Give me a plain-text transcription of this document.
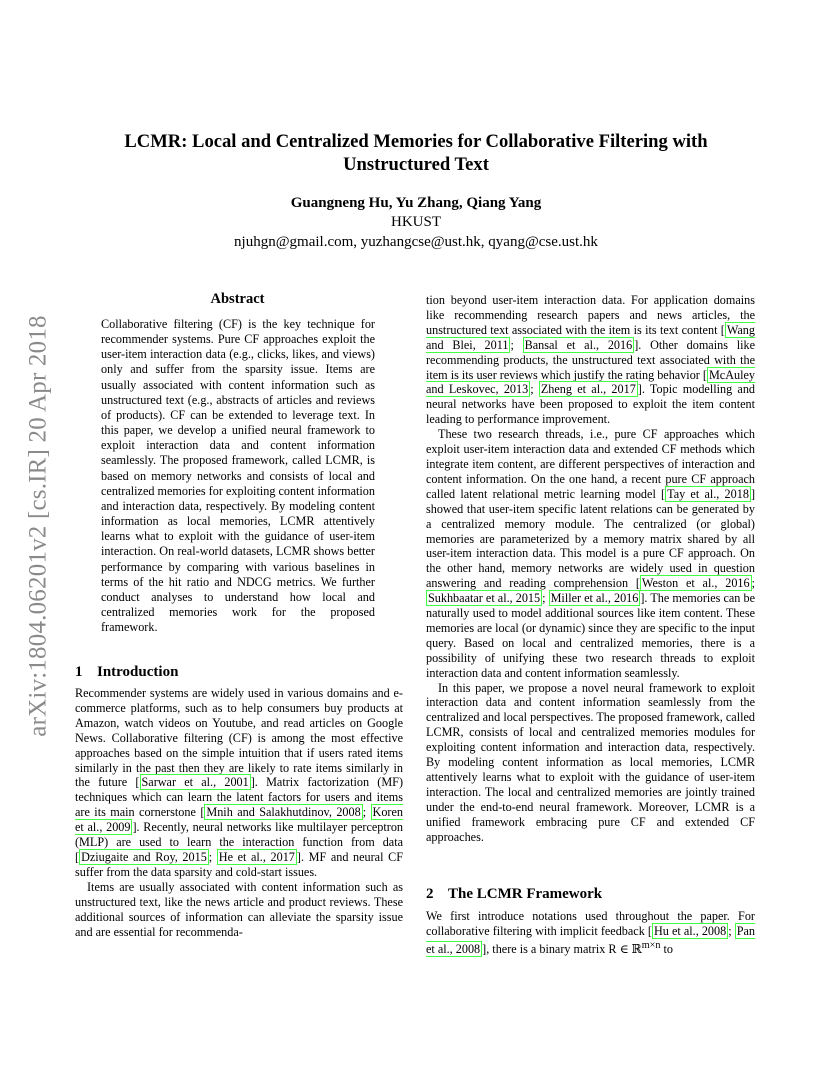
arXiv:1804.06201v2 [cs.IR] 20 Apr 2018
LCMR: Local and Centralized Memories for Collaborative Filtering with
Unstructured Text
Guangneng Hu, Yu Zhang, Qiang Yang
HKUST
njuhgn@gmail.com, yuzhangcse@ust.hk, qyang@cse.ust.hk
Abstract
Collaborative filtering (CF) is the key technique for recommender systems. Pure CF approaches exploit the user-item interaction data (e.g., clicks, likes, and views) only and suffer from the sparsity issue. Items are usually associated with content information such as unstructured text (e.g., abstracts of articles and reviews of products). CF can be extended to leverage text. In this paper, we develop a unified neural framework to exploit interaction data and content information seamlessly. The proposed framework, called LCMR, is based on memory networks and consists of local and centralized memories for exploiting content information and interaction data, respectively. By modeling content information as local memories, LCMR attentively learns what to exploit with the guidance of user-item interaction. On real-world datasets, LCMR shows better performance by comparing with various baselines in terms of the hit ratio and NDCG metrics. We further conduct analyses to understand how local and centralized memories work for the proposed framework.
1 Introduction

Recommender systems are widely used in various domains and e-commerce platforms, such as to help consumers buy products at Amazon, watch videos on Youtube, and read articles on Google News. Collaborative filtering (CF) is among the most effective approaches based on the simple intuition that if users rated items similarly in the past then they are likely to rate items similarly in the future [ Sarwar et al., 2001 ]. Matrix factorization (MF) techniques which can learn the latent factors for users and items are its main cornerstone [ Mnih and Salakhutdinov, 2008 ; Koren et al., 2009 ]. Recently, neural networks like multilayer perceptron (MLP) are used to learn the interaction function from data [ Dziugaite and Roy, 2015 ; He et al., 2017 ]. MF and neural CF suffer from the data sparsity and cold-start issues.

Items are usually associated with content information such as unstructured text, like the news article and product reviews. These additional sources of information can alleviate the sparsity issue and are essential for recommenda-

tion beyond user-item interaction data. For application domains like recommending research papers and news articles, the unstructured text associated with the item is its text content [ Wang and Blei, 2011 ; Bansal et al., 2016 ]. Other domains like recommending products, the unstructured text associated with the item is its user reviews which justify the rating behavior [ McAuley and Leskovec, 2013 ; Zheng et al., 2017 ]. Topic modelling and neural networks have been proposed to exploit the item content leading to performance improvement.

These two research threads, i.e., pure CF approaches which exploit user-item interaction data and extended CF methods which integrate item content, are different perspectives of interaction and content information. On the one hand, a recent pure CF approach called latent relational metric learning model [ Tay et al., 2018 ] showed that user-item specific latent relations can be generated by a centralized memory module. The centralized (or global) memories are parameterized by a memory matrix shared by all user-item interaction data. This model is a pure CF approach. On the other hand, memory networks are widely used in question answering and reading comprehension [ Weston et al., 2016 ; Sukhbaatar et al., 2015 ; Miller et al., 2016 ]. The memories can be naturally used to model additional sources like item content. These memories are local (or dynamic) since they are specific to the input query. Based on local and centralized memories, there is a possibility of unifying these two research threads to exploit interaction data and content information seamlessly.

In this paper, we propose a novel neural framework to exploit interaction data and content information seamlessly from the centralized and local perspectives. The proposed framework, called LCMR, consists of local and centralized memories modules for exploiting content information and interaction data, respectively. By modeling content information as local memories, LCMR attentively learns what to exploit with the guidance of user-item interaction. The local and centralized memories are jointly trained under the end-to-end neural framework. Moreover, LCMR is a unified framework embracing pure CF and extended CF approaches.

2 The LCMR Framework

We first introduce notations used throughout the paper. For collaborative filtering with implicit feedback [ Hu et al., 2008 ; Pan et al., 2008 ], there is a binary matrix R ∈ ℝ$^{m\times n}$ to
